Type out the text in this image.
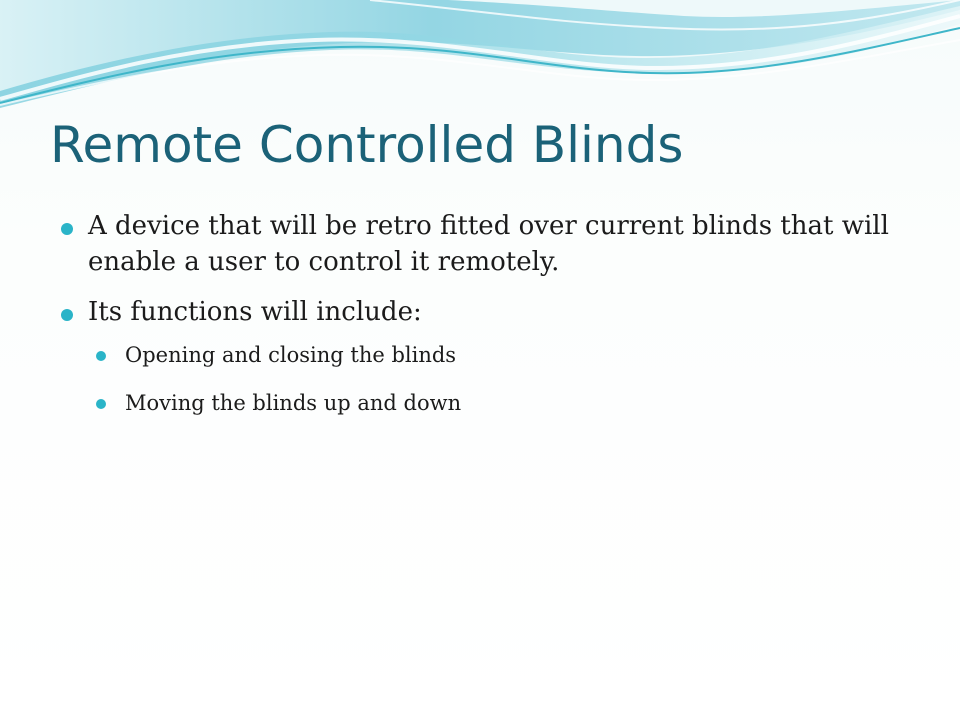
Remote Controlled Blinds
A device that will be retro fitted over current blinds that will enable a user to control it remotely.
Its functions will include:
Opening and closing the blinds
Moving the blinds up and down
